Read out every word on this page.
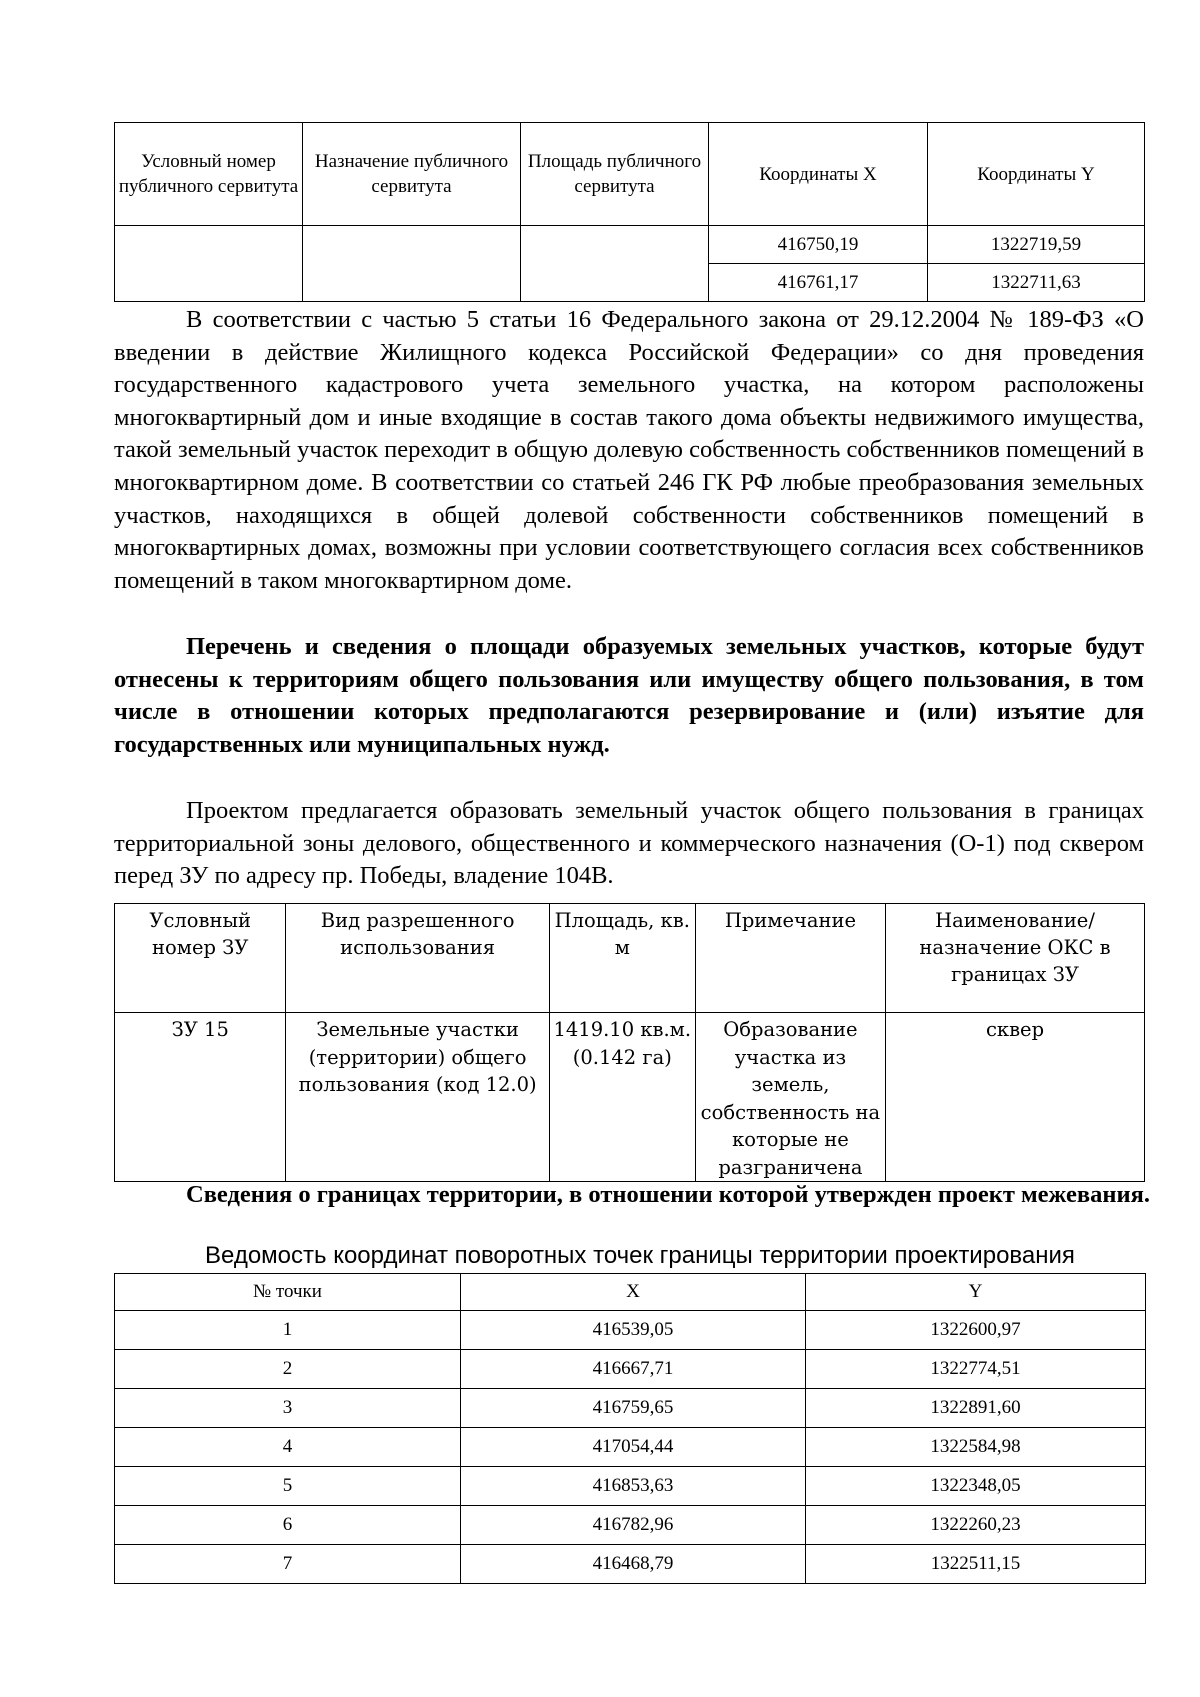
Условный номер публичного сервитута	Назначение публичного сервитута	Площадь публичного сервитута	Координаты X	Координаты Y
			416750,19	1322719,59
			416761,17	1322711,63

В соответствии с частью 5 статьи 16 Федерального закона от 29.12.2004 № 189-ФЗ «О введении в действие Жилищного кодекса Российской Федерации» со дня проведения государственного кадастрового учета земельного участка, на котором расположены многоквартирный дом и иные входящие в состав такого дома объекты недвижимого имущества, такой земельный участок переходит в общую долевую собственность собственников помещений в многоквартирном доме. В соответствии со статьей 246 ГК РФ любые преобразования земельных участков, находящихся в общей долевой собственности собственников помещений в многоквартирных домах, возможны при условии соответствующего согласия всех собственников помещений в таком многоквартирном доме.

Перечень и сведения о площади образуемых земельных участков, которые будут отнесены к территориям общего пользования или имуществу общего пользования, в том числе в отношении которых предполагаются резервирование и (или) изъятие для государственных или муниципальных нужд.

Проектом предлагается образовать земельный участок общего пользования в границах территориальной зоны делового, общественного и коммерческого назначения (О-1) под сквером перед ЗУ по адресу пр. Победы, владение 104В.

Условный номер ЗУ	Вид разрешенного использования	Площадь, кв. м	Примечание	Наименование/назначение ОКС в границах ЗУ
ЗУ 15	Земельные участки (территории) общего пользования (код 12.0)	1419.10 кв.м. (0.142 га)	Образование участка из земель, собственность на которые не разграничена	сквер

Сведения о границах территории, в отношении которой утвержден проект межевания.

Ведомость координат поворотных точек границы территории проектирования

№ точки	X	Y
1	416539,05	1322600,97
2	416667,71	1322774,51
3	416759,65	1322891,60
4	417054,44	1322584,98
5	416853,63	1322348,05
6	416782,96	1322260,23
7	416468,79	1322511,15
